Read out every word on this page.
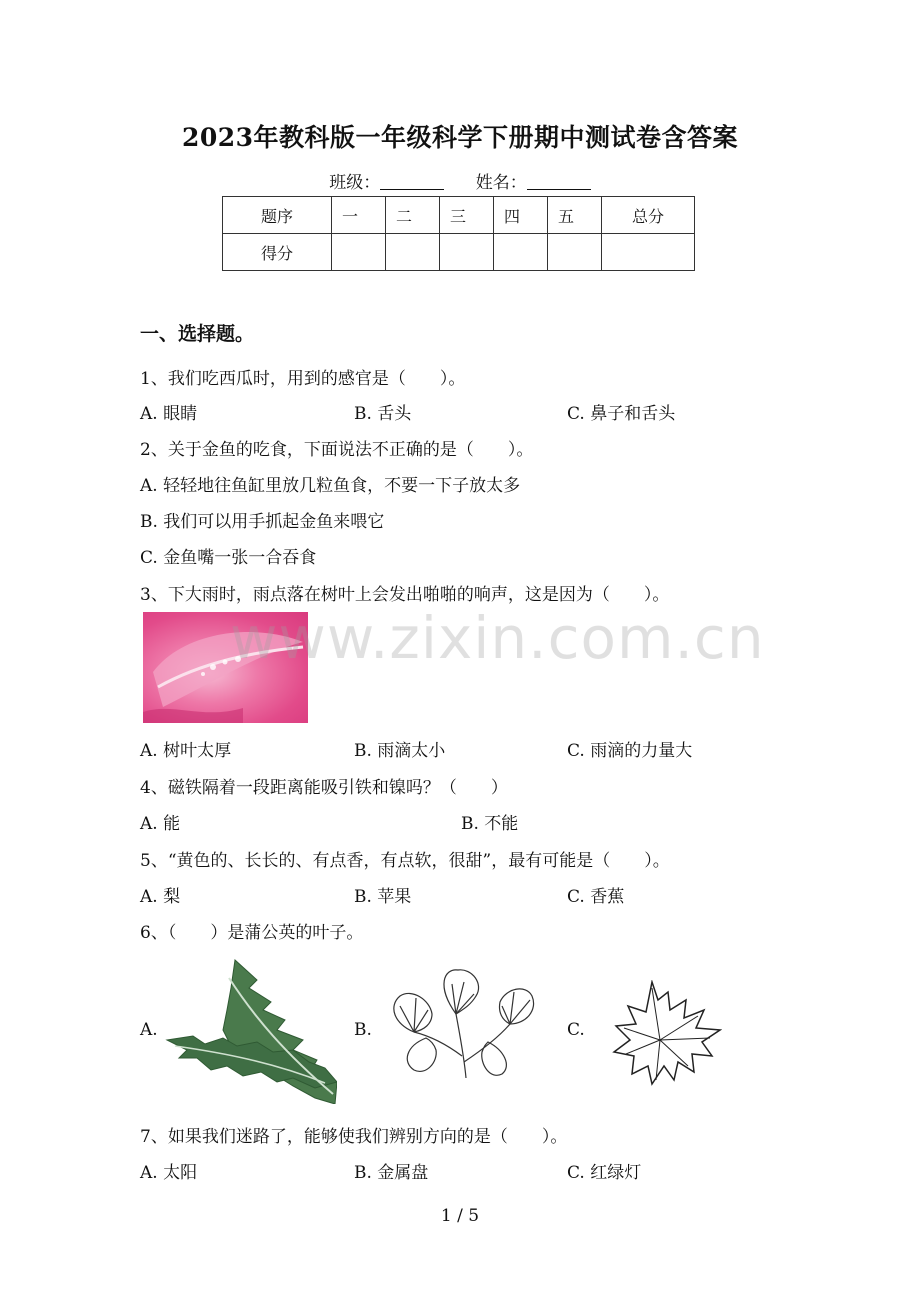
2023年教科版一年级科学下册期中测试卷含答案
班级：	姓名：
题序	一	二	三	四	五	总分
得分						
一、选择题。
1、我们吃西瓜时，用到的感官是（　　）。
A. 眼睛	B. 舌头	C. 鼻子和舌头
2、关于金鱼的吃食，下面说法不正确的是（　　）。
A. 轻轻地往鱼缸里放几粒鱼食，不要一下子放太多
B. 我们可以用手抓起金鱼来喂它
C. 金鱼嘴一张一合吞食
3、下大雨时，雨点落在树叶上会发出啪啪的响声，这是因为（　　）。
www.zixin.com.cn
A. 树叶太厚	B. 雨滴太小	C. 雨滴的力量大
4、磁铁隔着一段距离能吸引铁和镍吗？（　　）
A. 能	B. 不能
5、“黄色的、长长的、有点香，有点软，很甜”，最有可能是（　　）。
A. 梨	B. 苹果	C. 香蕉
6、（　　）是蒲公英的叶子。
A.	B.	C.
7、如果我们迷路了，能够使我们辨别方向的是（　　）。
A. 太阳	B. 金属盘	C. 红绿灯
1 / 5
